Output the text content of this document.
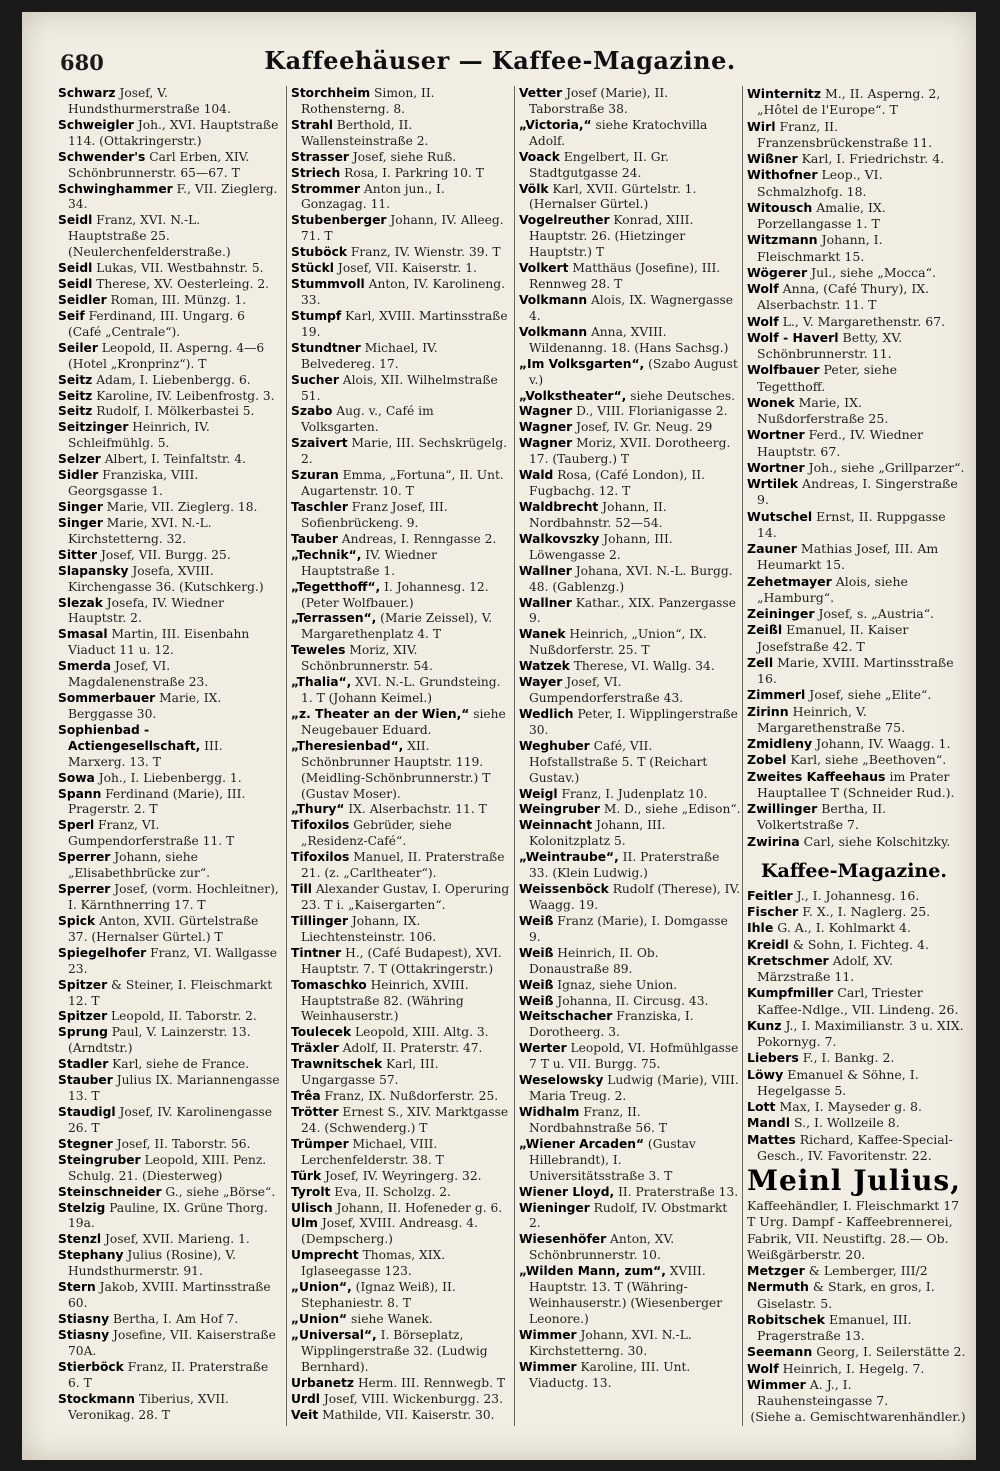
680	Kaffeehäuser — Kaffee-Magazine.

Schwarz Josef, V. Hundsthurmerstraße 104.

Schweigler Joh., XVI. Hauptstraße 114. (Ottakringerstr.)

Schwender's Carl Erben, XIV. Schönbrunnerstr. 65—67. T

Schwinghammer F., VII. Zieglerg. 34.

Seidl Franz, XVI. N.-L. Hauptstraße 25. (Neulerchenfelderstraße.)

Seidl Lukas, VII. Westbahnstr. 5.

Seidl Therese, XV. Oesterleing. 2.

Seidler Roman, III. Münzg. 1.

Seif Ferdinand, III. Ungarg. 6 (Café „Centrale“).

Seiler Leopold, II. Asperng. 4—6 (Hotel „Kronprinz“). T

Seitz Adam, I. Liebenbergg. 6.

Seitz Karoline, IV. Leibenfrostg. 3.

Seitz Rudolf, I. Mölkerbastei 5.

Seitzinger Heinrich, IV. Schleifmühlg. 5.

Selzer Albert, I. Teinfaltstr. 4.

Sidler Franziska, VIII. Georgsgasse 1.

Singer Marie, VII. Zieglerg. 18.

Singer Marie, XVI. N.-L. Kirchstetterng. 32.

Sitter Josef, VII. Burgg. 25.

Slapansky Josefa, XVIII. Kirchengasse 36. (Kutschkerg.)

Slezak Josefa, IV. Wiedner Hauptstr. 2.

Smasal Martin, III. Eisenbahn Viaduct 11 u. 12.

Smerda Josef, VI. Magdalenenstraße 23.

Sommerbauer Marie, IX. Berggasse 30.

Sophienbad - Actiengesellschaft, III. Marxerg. 13. T

Sowa Joh., I. Liebenbergg. 1.

Spann Ferdinand (Marie), III. Pragerstr. 2. T

Sperl Franz, VI. Gumpendorferstraße 11. T

Sperrer Johann, siehe „Elisabethbrücke zur“.

Sperrer Josef, (vorm. Hochleitner), I. Kärnthnerring 17. T

Spick Anton, XVII. Gürtelstraße 37. (Hernalser Gürtel.) T

Spiegelhofer Franz, VI. Wallgasse 23.

Spitzer & Steiner, I. Fleischmarkt 12. T

Spitzer Leopold, II. Taborstr. 2.

Sprung Paul, V. Lainzerstr. 13. (Arndtstr.)

Stadler Karl, siehe de France.

Stauber Julius IX. Mariannengasse 13. T

Staudigl Josef, IV. Karolinengasse 26. T

Stegner Josef, II. Taborstr. 56.

Steingruber Leopold, XIII. Penz. Schulg. 21. (Diesterweg)

Steinschneider G., siehe „Börse“.

Stelzig Pauline, IX. Grüne Thorg. 19a.

Stenzl Josef, XVII. Marieng. 1.

Stephany Julius (Rosine), V. Hundsthurmerstr. 91.

Stern Jakob, XVIII. Martinsstraße 60.

Stiasny Bertha, I. Am Hof 7.

Stiasny Josefine, VII. Kaiserstraße 70A.

Stierböck Franz, II. Praterstraße 6. T

Stockmann Tiberius, XVII. Veronikag. 28. T

Storchheim Simon, II. Rothensterng. 8.

Strahl Berthold, II. Wallensteinstraße 2.

Strasser Josef, siehe Ruß.

Striech Rosa, I. Parkring 10. T

Strommer Anton jun., I. Gonzagag. 11.

Stubenberger Johann, IV. Alleeg. 71. T

Stuböck Franz, IV. Wienstr. 39. T

Stückl Josef, VII. Kaiserstr. 1.

Stummvoll Anton, IV. Karolineng. 33.

Stumpf Karl, XVIII. Martinsstraße 19.

Stundtner Michael, IV. Belvedereg. 17.

Sucher Alois, XII. Wilhelmstraße 51.

Szabo Aug. v., Café im Volksgarten.

Szaivert Marie, III. Sechskrügelg. 2.

Szuran Emma, „Fortuna“, II. Unt. Augartenstr. 10. T

Taschler Franz Josef, III. Sofienbrückeng. 9.

Tauber Andreas, I. Renngasse 2.

„Technik“, IV. Wiedner Hauptstraße 1.

„Tegetthoff“, I. Johannesg. 12. (Peter Wolfbauer.)

„Terrassen“, (Marie Zeissel), V. Margarethenplatz 4. T

Teweles Moriz, XIV. Schönbrunnerstr. 54.

„Thalia“, XVI. N.-L. Grundsteing. 1. T (Johann Keimel.)

„z. Theater an der Wien,“ siehe Neugebauer Eduard.

„Theresienbad“, XII. Schönbrunner Hauptstr. 119. (Meidling-Schönbrunnerstr.) T (Gustav Moser).

„Thury“ IX. Alserbachstr. 11. T

Tifoxilos Gebrüder, siehe „Residenz-Café“.

Tifoxilos Manuel, II. Praterstraße 21. (z. „Carltheater“).

Till Alexander Gustav, I. Operuring 23. T i. „Kaisergarten“.

Tillinger Johann, IX. Liechtensteinstr. 106.

Tintner H., (Café Budapest), XVI. Hauptstr. 7. T (Ottakringerstr.)

Tomaschko Heinrich, XVIII. Hauptstraße 82. (Währing Weinhauserstr.)

Toulecek Leopold, XIII. Altg. 3.

Träxler Adolf, II. Praterstr. 47.

Trawnitschek Karl, III. Ungargasse 57.

Trêa Franz, IX. Nußdorferstr. 25.

Trötter Ernest S., XIV. Marktgasse 24. (Schwenderg.) T

Trümper Michael, VIII. Lerchenfelderstr. 38. T

Türk Josef, IV. Weyringerg. 32.

Tyrolt Eva, II. Scholzg. 2.

Ulisch Johann, II. Hofeneder g. 6.

Ulm Josef, XVIII. Andreasg. 4. (Dempscherg.)

Umprecht Thomas, XIX. Iglaseegasse 123.

„Union“, (Ignaz Weiß), II. Stephaniestr. 8. T

„Union“ siehe Wanek.

„Universal“, I. Börseplatz, Wipplingerstraße 32. (Ludwig Bernhard).

Urbanetz Herm. III. Rennwegb. T

Urdl Josef, VIII. Wickenburgg. 23.

Veit Mathilde, VII. Kaiserstr. 30.

Vetter Josef (Marie), II. Taborstraße 38.

„Victoria,“ siehe Kratochvilla Adolf.

Voack Engelbert, II. Gr. Stadtgutgasse 24.

Völk Karl, XVII. Gürtelstr. 1. (Hernalser Gürtel.)

Vogelreuther Konrad, XIII. Hauptstr. 26. (Hietzinger Hauptstr.) T

Volkert Matthäus (Josefine), III. Rennweg 28. T

Volkmann Alois, IX. Wagnergasse 4.

Volkmann Anna, XVIII. Wildenanng. 18. (Hans Sachsg.)

„Im Volksgarten“, (Szabo August v.)

„Volkstheater“, siehe Deutsches.

Wagner D., VIII. Florianigasse 2.

Wagner Josef, IV. Gr. Neug. 29

Wagner Moriz, XVII. Dorotheerg. 17. (Tauberg.) T

Wald Rosa, (Café London), II. Fugbachg. 12. T

Waldbrecht Johann, II. Nordbahnstr. 52—54.

Walkovszky Johann, III. Löwengasse 2.

Wallner Johana, XVI. N.-L. Burgg. 48. (Gablenzg.)

Wallner Kathar., XIX. Panzergasse 9.

Wanek Heinrich, „Union“, IX. Nußdorferstr. 25. T

Watzek Therese, VI. Wallg. 34.

Wayer Josef, VI. Gumpendorferstraße 43.

Wedlich Peter, I. Wipplingerstraße 30.

Weghuber Café, VII. Hofstallstraße 5. T (Reichart Gustav.)

Weigl Franz, I. Judenplatz 10.

Weingruber M. D., siehe „Edison“.

Weinnacht Johann, III. Kolonitzplatz 5.

„Weintraube“, II. Praterstraße 33. (Klein Ludwig.)

Weissenböck Rudolf (Therese), IV. Waagg. 19.

Weiß Franz (Marie), I. Domgasse 9.

Weiß Heinrich, II. Ob. Donaustraße 89.

Weiß Ignaz, siehe Union.

Weiß Johanna, II. Circusg. 43.

Weitschacher Franziska, I. Dorotheerg. 3.

Werter Leopold, VI. Hofmühlgasse 7 T u. VII. Burgg. 75.

Weselowsky Ludwig (Marie), VIII. Maria Treug. 2.

Widhalm Franz, II. Nordbahnstraße 56. T

„Wiener Arcaden“ (Gustav Hillebrandt), I. Universitätsstraße 3. T

Wiener Lloyd, II. Praterstraße 13.

Wieninger Rudolf, IV. Obstmarkt 2.

Wiesenhöfer Anton, XV. Schönbrunnerstr. 10.

„Wilden Mann, zum“, XVIII. Hauptstr. 13. T (Währing-Weinhauserstr.) (Wiesenberger Leonore.)

Wimmer Johann, XVI. N.-L. Kirchstetterng. 30.

Wimmer Karoline, III. Unt. Viaductg. 13.

Winternitz M., II. Asperng. 2, „Hôtel de l'Europe“. T

Wirl Franz, II. Franzensbrückenstraße 11.

Wißner Karl, I. Friedrichstr. 4.

Withofner Leop., VI. Schmalzhofg. 18.

Witousch Amalie, IX. Porzellangasse 1. T

Witzmann Johann, I. Fleischmarkt 15.

Wögerer Jul., siehe „Mocca“.

Wolf Anna, (Café Thury), IX. Alserbachstr. 11. T

Wolf L., V. Margarethenstr. 67.

Wolf - Haverl Betty, XV. Schönbrunnerstr. 11.

Wolfbauer Peter, siehe Tegetthoff.

Wonek Marie, IX. Nußdorferstraße 25.

Wortner Ferd., IV. Wiedner Hauptstr. 67.

Wortner Joh., siehe „Grillparzer“.

Wrtilek Andreas, I. Singerstraße 9.

Wutschel Ernst, II. Ruppgasse 14.

Zauner Mathias Josef, III. Am Heumarkt 15.

Zehetmayer Alois, siehe „Hamburg“.

Zeininger Josef, s. „Austria“.

Zeißl Emanuel, II. Kaiser Josefstraße 42. T

Zell Marie, XVIII. Martinsstraße 16.

Zimmerl Josef, siehe „Elite“.

Zirinn Heinrich, V. Margarethenstraße 75.

Zmidleny Johann, IV. Waagg. 1.

Zobel Karl, siehe „Beethoven“.

Zweites Kaffeehaus im Prater Hauptallee T (Schneider Rud.).

Zwillinger Bertha, II. Volkertstraße 7.

Zwirina Carl, siehe Kolschitzky.

Kaffee-Magazine.

Feitler J., I. Johannesg. 16.

Fischer F. X., I. Naglerg. 25.

Ihle G. A., I. Kohlmarkt 4.

Kreidl & Sohn, I. Fichteg. 4.

Kretschmer Adolf, XV. Märzstraße 11.

Kumpfmiller Carl, Triester Kaffee-Ndlge., VII. Lindeng. 26.

Kunz J., I. Maximilianstr. 3 u. XIX. Pokornyg. 7.

Liebers F., I. Bankg. 2.

Löwy Emanuel & Söhne, I. Hegelgasse 5.

Lott Max, I. Mayseder g. 8.

Mandl S., I. Wollzeile 8.

Mattes Richard, Kaffee-Special-Gesch., IV. Favoritenstr. 22.

Meinl Julius,
Kaffeehändler, I. Fleischmarkt 17 T Urg. Dampf - Kaffeebrennerei, Fabrik, VII. Neustiftg. 28.— Ob. Weißgärberstr. 20.

Metzger & Lemberger, III/2

Nermuth & Stark, en gros, I. Giselastr. 5.

Robitschek Emanuel, III. Pragerstraße 13.

Seemann Georg, I. Seilerstätte 2.

Wolf Heinrich, I. Hegelg. 7.

Wimmer A. J., I. Rauhensteingasse 7.

(Siehe a. Gemischtwarenhändler.)
